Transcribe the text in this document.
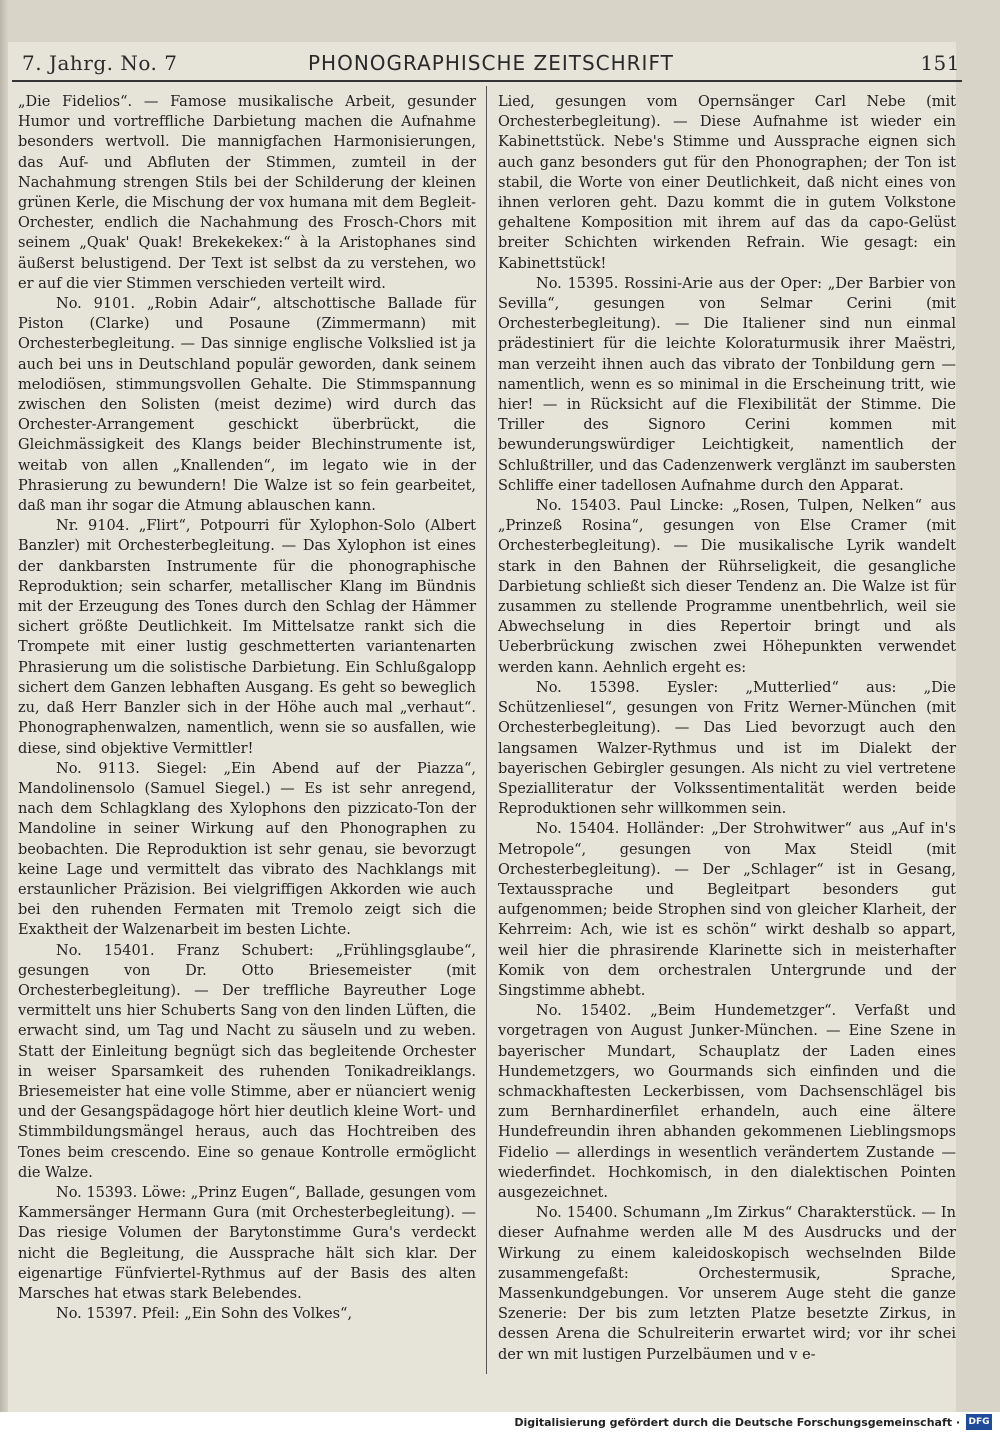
7. Jahrg. No. 7	PHONOGRAPHISCHE ZEITSCHRIFT	151

„Die Fidelios“. — Famose musikalische Arbeit, gesunder Humor und vortreffliche Darbietung machen die Aufnahme besonders wertvoll. Die mannigfachen Harmonisierungen, das Auf- und Abfluten der Stimmen, zumteil in der Nachahmung strengen Stils bei der Schilderung der kleinen grünen Kerle, die Mischung der vox humana mit dem Begleit-Orchester, endlich die Nachahmung des Frosch-Chors mit seinem „Quak' Quak! Brekekekex:“ à la Aristophanes sind äußerst belustigend. Der Text ist selbst da zu verstehen, wo er auf die vier Stimmen verschieden verteilt wird.

No. 9101. „Robin Adair“, altschottische Ballade für Piston (Clarke) und Posaune (Zimmermann) mit Orchesterbegleitung. — Das sinnige englische Volkslied ist ja auch bei uns in Deutschland populär geworden, dank seinem melodiösen, stimmungsvollen Gehalte. Die Stimmspannung zwischen den Solisten (meist dezime) wird durch das Orchester-Arrangement geschickt überbrückt, die Gleichmässigkeit des Klangs beider Blechinstrumente ist, weitab von allen „Knallenden“, im legato wie in der Phrasierung zu bewundern! Die Walze ist so fein gearbeitet, daß man ihr sogar die Atmung ablauschen kann.

Nr. 9104. „Flirt“, Potpourri für Xylophon-Solo (Albert Banzler) mit Orchesterbegleitung. — Das Xylophon ist eines der dankbarsten Instrumente für die phonographische Reproduktion; sein scharfer, metallischer Klang im Bündnis mit der Erzeugung des Tones durch den Schlag der Hämmer sichert größte Deutlichkeit. Im Mittelsatze rankt sich die Trompete mit einer lustig geschmetterten variantenarten Phrasierung um die solistische Darbietung. Ein Schlußgalopp sichert dem Ganzen lebhaften Ausgang. Es geht so beweglich zu, daß Herr Banzler sich in der Höhe auch mal „verhaut“. Phonographenwalzen, namentlich, wenn sie so ausfallen, wie diese, sind objektive Vermittler!

No. 9113. Siegel: „Ein Abend auf der Piazza“, Mandolinensolo (Samuel Siegel.) — Es ist sehr anregend, nach dem Schlagklang des Xylophons den pizzicato-Ton der Mandoline in seiner Wirkung auf den Phonographen zu beobachten. Die Reproduktion ist sehr genau, sie bevorzugt keine Lage und vermittelt das vibrato des Nachklangs mit erstaunlicher Präzision. Bei vielgriffigen Akkorden wie auch bei den ruhenden Fermaten mit Tremolo zeigt sich die Exaktheit der Walzenarbeit im besten Lichte.

No. 15401. Franz Schubert: „Frühlingsglaube“, gesungen von Dr. Otto Briesemeister (mit Orchesterbegleitung). — Der treffliche Bayreuther Loge vermittelt uns hier Schuberts Sang von den linden Lüften, die erwacht sind, um Tag und Nacht zu säuseln und zu weben. Statt der Einleitung begnügt sich das begleitende Orchester in weiser Sparsamkeit des ruhenden Tonikadreiklangs. Briesemeister hat eine volle Stimme, aber er nüanciert wenig und der Gesangspädagoge hört hier deutlich kleine Wort- und Stimmbildungsmängel heraus, auch das Hochtreiben des Tones beim crescendo. Eine so genaue Kontrolle ermöglicht die Walze.

No. 15393. Löwe: „Prinz Eugen“, Ballade, gesungen vom Kammersänger Hermann Gura (mit Orchesterbegleitung). — Das riesige Volumen der Barytonstimme Gura's verdeckt nicht die Begleitung, die Aussprache hält sich klar. Der eigenartige Fünfviertel-Rythmus auf der Basis des alten Marsches hat etwas stark Belebendes.

No. 15397. Pfeil: „Ein Sohn des Volkes“,

Lied, gesungen vom Opernsänger Carl Nebe (mit Orchesterbegleitung). — Diese Aufnahme ist wieder ein Kabinettstück. Nebe's Stimme und Aussprache eignen sich auch ganz besonders gut für den Phonographen; der Ton ist stabil, die Worte von einer Deutlichkeit, daß nicht eines von ihnen verloren geht. Dazu kommt die in gutem Volkstone gehaltene Komposition mit ihrem auf das da capo-Gelüst breiter Schichten wirkenden Refrain. Wie gesagt: ein Kabinettstück!

No. 15395. Rossini-Arie aus der Oper: „Der Barbier von Sevilla“, gesungen von Selmar Cerini (mit Orchesterbegleitung). — Die Italiener sind nun einmal prädestiniert für die leichte Koloraturmusik ihrer Maëstri, man verzeiht ihnen auch das vibrato der Tonbildung gern — namentlich, wenn es so minimal in die Erscheinung tritt, wie hier! — in Rücksicht auf die Flexibilität der Stimme. Die Triller des Signoro Cerini kommen mit bewunderungswürdiger Leichtigkeit, namentlich der Schlußtriller, und das Cadenzenwerk verglänzt im saubersten Schliffe einer tadellosen Aufnahme durch den Apparat.

No. 15403. Paul Lincke: „Rosen, Tulpen, Nelken“ aus „Prinzeß Rosina“, gesungen von Else Cramer (mit Orchesterbegleitung). — Die musikalische Lyrik wandelt stark in den Bahnen der Rührseligkeit, die gesangliche Darbietung schließt sich dieser Tendenz an. Die Walze ist für zusammen zu stellende Programme unentbehrlich, weil sie Abwechselung in dies Repertoir bringt und als Ueberbrückung zwischen zwei Höhepunkten verwendet werden kann. Aehnlich ergeht es:

No. 15398. Eysler: „Mutterlied“ aus: „Die Schützenliesel“, gesungen von Fritz Werner-München (mit Orchesterbegleitung). — Das Lied bevorzugt auch den langsamen Walzer-Rythmus und ist im Dialekt der bayerischen Gebirgler gesungen. Als nicht zu viel vertretene Spezialliteratur der Volkssentimentalität werden beide Reproduktionen sehr willkommen sein.

No. 15404. Holländer: „Der Strohwitwer“ aus „Auf in's Metropole“, gesungen von Max Steidl (mit Orchesterbegleitung). — Der „Schlager“ ist in Gesang, Textaussprache und Begleitpart besonders gut aufgenommen; beide Strophen sind von gleicher Klarheit, der Kehrreim: Ach, wie ist es schön“ wirkt deshalb so appart, weil hier die phrasirende Klarinette sich in meisterhafter Komik von dem orchestralen Untergrunde und der Singstimme abhebt.

No. 15402. „Beim Hundemetzger“. Verfaßt und vorgetragen von August Junker-München. — Eine Szene in bayerischer Mundart, Schauplatz der Laden eines Hundemetzgers, wo Gourmands sich einfinden und die schmackhaftesten Leckerbissen, vom Dachsenschlägel bis zum Bernhardinerfilet erhandeln, auch eine ältere Hundefreundin ihren abhanden gekommenen Lieblingsmops Fidelio — allerdings in wesentlich verändertem Zustande — wiederfindet. Hochkomisch, in den dialektischen Pointen ausgezeichnet.

No. 15400. Schumann „Im Zirkus“ Charakterstück. — In dieser Aufnahme werden alle M des Ausdrucks und der Wirkung zu einem kaleidoskopisch wechselnden Bilde zusammengefaßt: Orchestermusik, Sprache, Massenkundgebungen. Vor unserem Auge steht die ganze Szenerie: Der bis zum letzten Platze besetzte Zirkus, in dessen Arena die Schulreiterin erwartet wird; vor ihr schei der wn mit lustigen Purzelbäumen und v e-

Digitalisierung gefördert durch die Deutsche Forschungsgemeinschaft · DFG
